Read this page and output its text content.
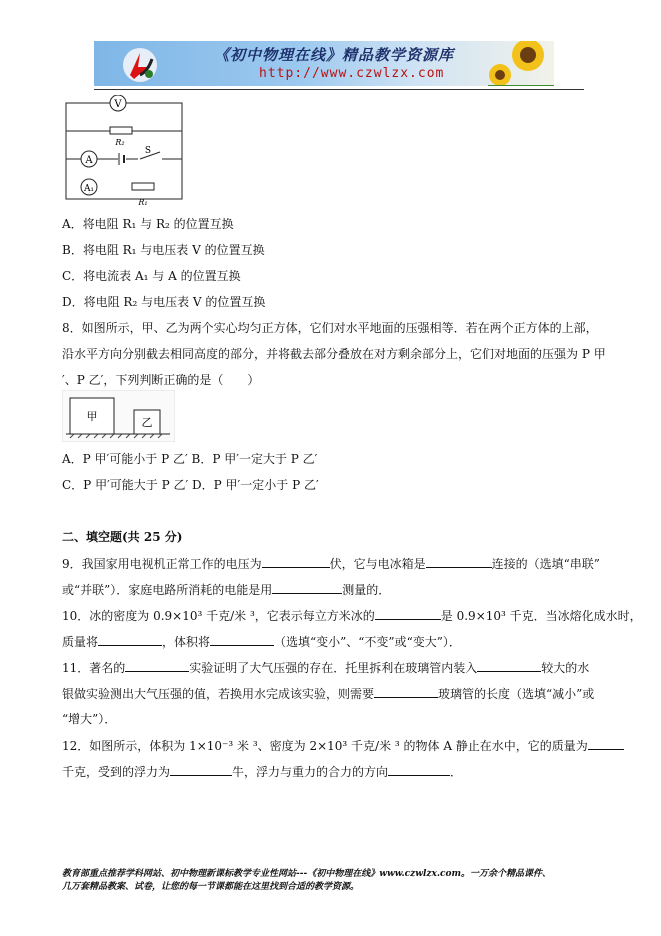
《初中物理在线》精品教学资源库
http://www.czwlzx.com
V
R₂
A
S
A₁
R₁
A．将电阻 R₁ 与 R₂ 的位置互换
B．将电阻 R₁ 与电压表 V 的位置互换
C．将电流表 A₁ 与 A 的位置互换
D．将电阻 R₂ 与电压表 V 的位置互换
8．如图所示，甲、乙为两个实心均匀正方体，它们对水平地面的压强相等．若在两个正方体的上部，
沿水平方向分别截去相同高度的部分，并将截去部分叠放在对方剩余部分上，它们对地面的压强为 P 甲
′、P 乙′，下列判断正确的是（　　）
甲	乙
A．P 甲′可能小于 P 乙′ B．P 甲′一定大于 P 乙′
C．P 甲′可能大于 P 乙′ D．P 甲′一定小于 P 乙′
二、填空题(共 25 分)
9．我国家用电视机正常工作的电压为	伏，它与电冰箱是	连接的（选填“串联”
或“并联”）．家庭电路所消耗的电能是用	测量的．
10．冰的密度为 0.9×10³ 千克/米 ³，它表示每立方米冰的	是 0.9×10³ 千克．当冰熔化成水时，
质量将	，体积将	（选填“变小”、“不变”或“变大”）．
11．著名的	实验证明了大气压强的存在．托里拆利在玻璃管内装入	较大的水
银做实验测出大气压强的值，若换用水完成该实验，则需要	玻璃管的长度（选填“减小”或
“增大”）．
12．如图所示，体积为 1×10⁻³ 米 ³、密度为 2×10³ 千克/米 ³ 的物体 A 静止在水中，它的质量为
千克，受到的浮力为	牛，浮力与重力的合力的方向	．
教育部重点推荐学科网站、初中物理新课标教学专业性网站---《初中物理在线》www.czwlzx.com。一万余个精品课件、
几万套精品教案、试卷，让您的每一节课都能在这里找到合适的教学资源。
